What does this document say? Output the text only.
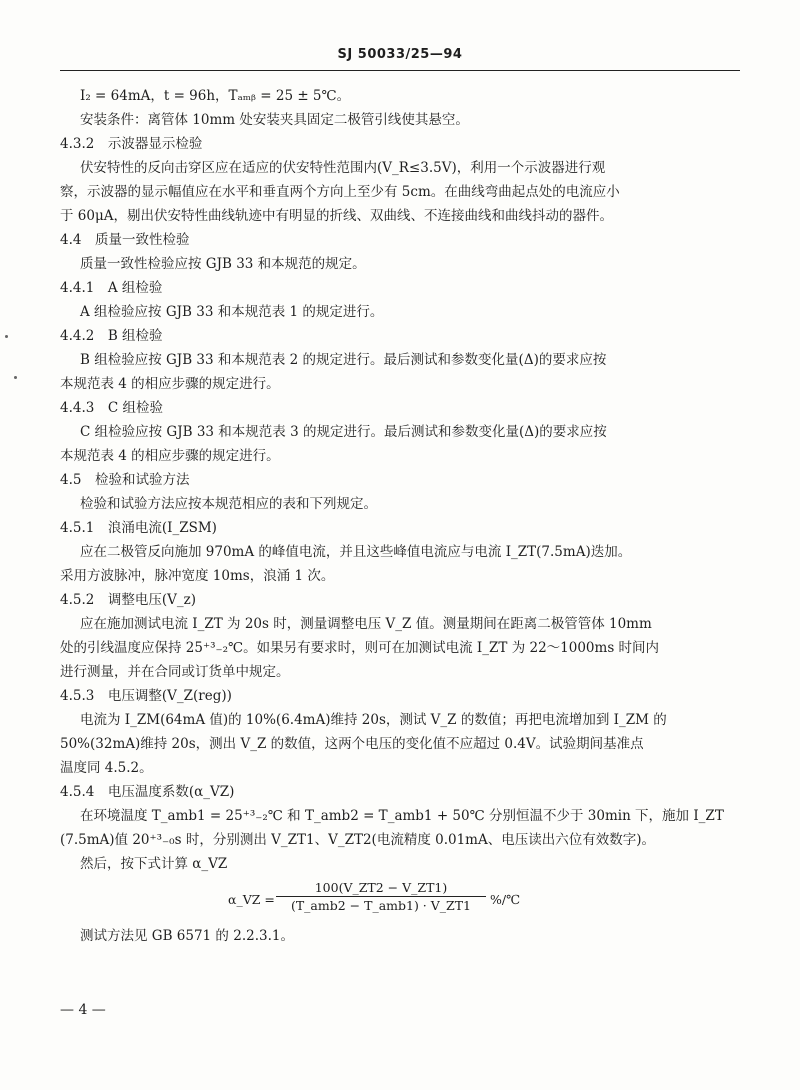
SJ 50033/25—94
I₂ = 64mA，t = 96h，Tₐₘᵦ = 25 ± 5℃。
安装条件：离管体 10mm 处安装夹具固定二极管引线使其悬空。
4.3.2　示波器显示检验
伏安特性的反向击穿区应在适应的伏安特性范围内(V_R≤3.5V)，利用一个示波器进行观
察，示波器的显示幅值应在水平和垂直两个方向上至少有 5cm。在曲线弯曲起点处的电流应小
于 60μA，剔出伏安特性曲线轨迹中有明显的折线、双曲线、不连接曲线和曲线抖动的器件。
4.4　质量一致性检验
质量一致性检验应按 GJB 33 和本规范的规定。
4.4.1　A 组检验
A 组检验应按 GJB 33 和本规范表 1 的规定进行。
4.4.2　B 组检验
B 组检验应按 GJB 33 和本规范表 2 的规定进行。最后测试和参数变化量(Δ)的要求应按
本规范表 4 的相应步骤的规定进行。
4.4.3　C 组检验
C 组检验应按 GJB 33 和本规范表 3 的规定进行。最后测试和参数变化量(Δ)的要求应按
本规范表 4 的相应步骤的规定进行。
4.5　检验和试验方法
检验和试验方法应按本规范相应的表和下列规定。
4.5.1　浪涌电流(I_ZSM)
应在二极管反向施加 970mA 的峰值电流，并且这些峰值电流应与电流 I_ZT(7.5mA)迭加。
采用方波脉冲，脉冲宽度 10ms，浪涌 1 次。
4.5.2　调整电压(V_z)
应在施加测试电流 I_ZT 为 20s 时，测量调整电压 V_Z 值。测量期间在距离二极管管体 10mm
处的引线温度应保持 25⁺³₋₂℃。如果另有要求时，则可在加测试电流 I_ZT 为 22～1000ms 时间内
进行测量，并在合同或订货单中规定。
4.5.3　电压调整(V_Z(reg))
电流为 I_ZM(64mA 值)的 10%(6.4mA)维持 20s，测试 V_Z 的数值；再把电流增加到 I_ZM 的
50%(32mA)维持 20s，测出 V_Z 的数值，这两个电压的变化值不应超过 0.4V。试验期间基准点
温度同 4.5.2。
4.5.4　电压温度系数(α_VZ)
在环境温度 T_amb1 = 25⁺³₋₂℃ 和 T_amb2 = T_amb1 + 50℃ 分别恒温不少于 30min 下，施加 I_ZT
(7.5mA)值 20⁺³₋₀s 时，分别测出 V_ZT1、V_ZT2(电流精度 0.01mA、电压读出六位有效数字)。
然后，按下式计算 α_VZ
α_VZ =
100(V_ZT2 − V_ZT1)
(T_amb2 − T_amb1) · V_ZT1	%/℃
测试方法见 GB 6571 的 2.2.3.1。
— 4 —
